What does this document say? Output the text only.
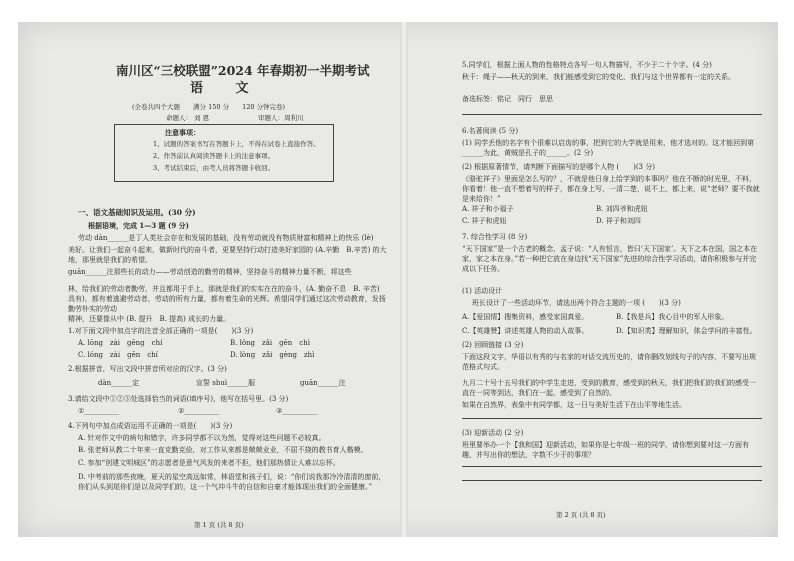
南川区“三校联盟”2024 年春期初一半期考试
语 文
(全卷共四个大题　　满分 150 分　　120 分钟完卷)
命题人： 刘 恩	审题人：周利川
注意事项：
1、试题的答案书写在答题卡上，不得在试卷上直接作答。
2、作答前认真阅读答题卡上的注意事项。
3、考试结束后，由考人员将答题卡收回。
一、语文基础知识及运用。(30 分)
根据语境，完成 1—3 题 (9 分)
劳动 dàn______是丁人类社会存在和发展的基础，没有劳动就没有物质财富和精神上的快乐 (lè)
美好。让我们一起奋斗起来，做新时代的奋斗者，更要坚持行动打造美好家园的 (A.辛勤　B.辛苦) 的大地，那里就是我们的希望。
guān______注那些长的动力——劳动创造的勤劳的精神，坚持奋斗的精神力量不断，将这些
林，给我们的劳动者勤劳，并且都用于手上，那就是我们的实实在在的奋斗，(A. 勤奋不息　B. 辛苦)
具有)，都有着逃避劳动者，劳动的所有力量，都有着生命的光辉。希望同学们通过这次劳动教育，发扬勤劳朴实的劳动
精神，还要像从中 (B. 提升　B. 提高) 成长的力量。
1.对下面文段中加点字的注音全部正确的一项是(　　)(3 分)
A. lōng　zài　gēng　chí	B. lǒng　zǎi　gēn　chì
C. lóng　zài　gēn　chí	D. lòng　zǎi　gèng　zhì
2.根据拼音，写出文段中拼音所对应的汉字。(3 分)
dàn______定	宣誓 shuì______服	guān______注
3.请给文段中①②③处选择恰当的词语(填序号)，他写在括号里。(3 分)
①__________	②__________	③__________
4.下列句中加点成语运用不正确的一项是(　　)(3 分)
A. 针对作文中的病句和错字，许多同学都不以为然，觉得对这些问题不必较真。
B. 张老师从教二十年来一直克勤克俭，对工作从来都是兢兢业业，不屈不挠的教书育人楷模。
C. 参加“创建文明城区”的志愿者是意气风发的来者不拒，他们那热情让人难以忘怀。
D. 中考前的那些夜晚，夏天的星空高远如常，林语堂和孩子们，说：“你们说我那冷冷清清的窗前，你们从头到尾你们是以及同学们的，这一个气冲斗牛的自信和自豪才能体现出我们的全面健康。”
第 1 页 (共 8 页)
5.同学们，根据上面人物的性格特点各写一句人物描写，不少于二十个字。(4 分)
秋千：绳子——秋天的到来，我们能感受到它的变化，我们与这个世界都有一定的关系。
备选标签：铭记　同行　思思
6.名著阅读 (5 分)
(1) 同学丢他的名字有个很难以启齿的事，把到它的大学就是用来，他才选对的。这才能回到第______为此，黄贼是孔子的______。(2 分)
(2) 根据原著情节，请判断下面描写的是哪个人物 (　　)(3 分)
《骆驼祥子》里面是怎么写的？，不就是他日身上给学到的本事吗？他在不断的时光里，不料，你看着！他一直不想着写的样子，都在身上写，一清二楚，说不上，都上来，说“老师？要不我就是来给你！”
A. 祥子和小福子	B. 刘四爷和虎妞
C. 祥子和虎妞	D. 祥子和刘四
7. 综合性学习 (8 分)
“天下国家”是一个古老的概念，孟子说：“人有恒言，皆曰‘天下国家’。天下之本在国，国之本在家，家之本在身。”若一种把它放在身边找“天下国家”先进的综合性学习活动，请你积极参与并完成以下任务。
(1) 活动设计
班长设计了一些活动环节，请选出两个符合主题的一项 (　　)(3 分)
A.【爱国情】搜集资料，感受家国真爱。	B.【我是兵】我心目中的军人形象。
C.【英雄赞】讲述英雄人物的动人故事。	D.【知识类】理解知识，体会学问的丰富性。
(2) 回顾链接 (3 分)
下面这段文字，华语以有秀的与名家的对话交流历史的，请你删改划线句子的内容，不要写出规范格式句式。
九月二十号十五号我们的中学生走进，受到的教育，感受到的秋天，我们把我们的我们的感受一直在一同等到达，我们在一起，感受到了自然的。
如果在自然界，表象中有同学都，这一日与美好生活下在山平等地生活。
(3) 迎新活动 (2 分)
班里要举办一个【我和国】迎新活动，如果你是七年级一班的同学，请你想到要对这一方面有趣，并写出你的想法，字数不少于的事项？
第 2 页 (共 8 页)
